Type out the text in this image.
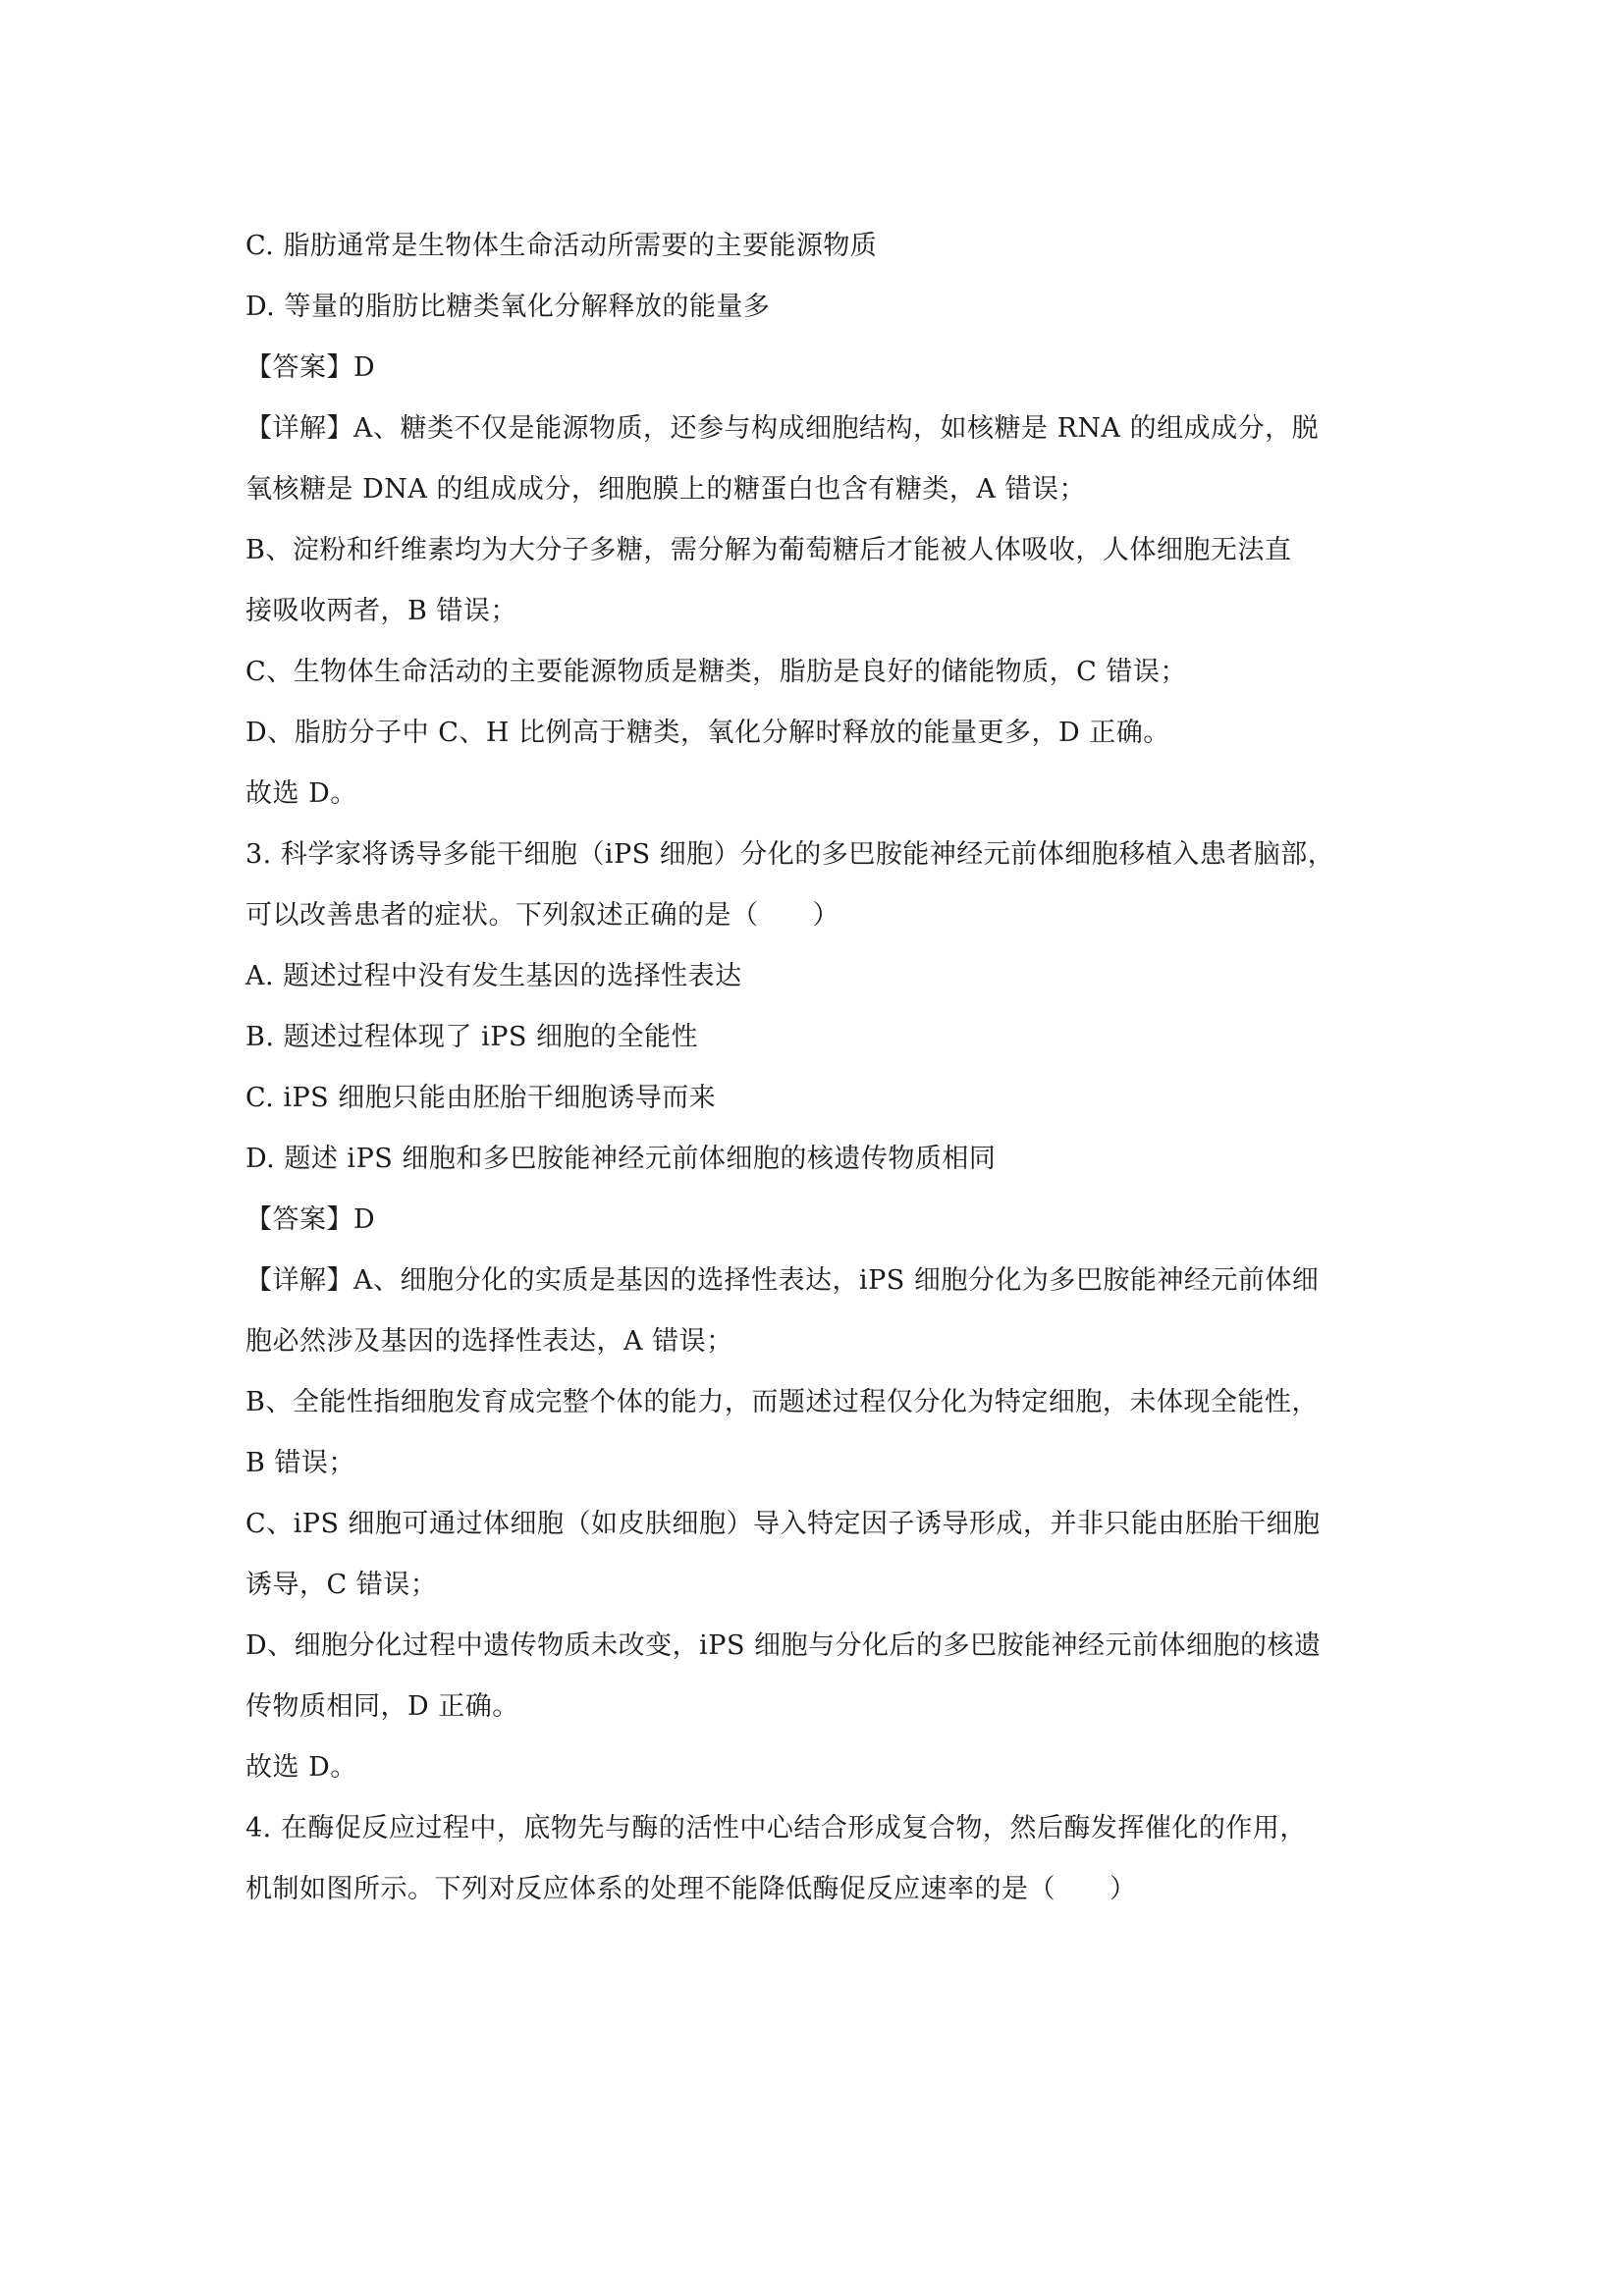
C. 脂肪通常是生物体生命活动所需要的主要能源物质
D. 等量的脂肪比糖类氧化分解释放的能量多
【答案】D
【详解】A、糖类不仅是能源物质，还参与构成细胞结构，如核糖是 RNA 的组成成分，脱
氧核糖是 DNA 的组成成分，细胞膜上的糖蛋白也含有糖类，A 错误；
B、淀粉和纤维素均为大分子多糖，需分解为葡萄糖后才能被人体吸收，人体细胞无法直
接吸收两者，B 错误；
C、生物体生命活动的主要能源物质是糖类，脂肪是良好的储能物质，C 错误；
D、脂肪分子中 C、H 比例高于糖类，氧化分解时释放的能量更多，D 正确。
故选 D。
3. 科学家将诱导多能干细胞（iPS 细胞）分化的多巴胺能神经元前体细胞移植入患者脑部，
可以改善患者的症状。下列叙述正确的是（　　）
A. 题述过程中没有发生基因的选择性表达
B. 题述过程体现了 iPS 细胞的全能性
C. iPS 细胞只能由胚胎干细胞诱导而来
D. 题述 iPS 细胞和多巴胺能神经元前体细胞的核遗传物质相同
【答案】D
【详解】A、细胞分化的实质是基因的选择性表达，iPS 细胞分化为多巴胺能神经元前体细
胞必然涉及基因的选择性表达，A 错误；
B、全能性指细胞发育成完整个体的能力，而题述过程仅分化为特定细胞，未体现全能性，
B 错误；
C、iPS 细胞可通过体细胞（如皮肤细胞）导入特定因子诱导形成，并非只能由胚胎干细胞
诱导，C 错误；
D、细胞分化过程中遗传物质未改变，iPS 细胞与分化后的多巴胺能神经元前体细胞的核遗
传物质相同，D 正确。
故选 D。
4. 在酶促反应过程中，底物先与酶的活性中心结合形成复合物，然后酶发挥催化的作用，
机制如图所示。下列对反应体系的处理不能降低酶促反应速率的是（　　）
